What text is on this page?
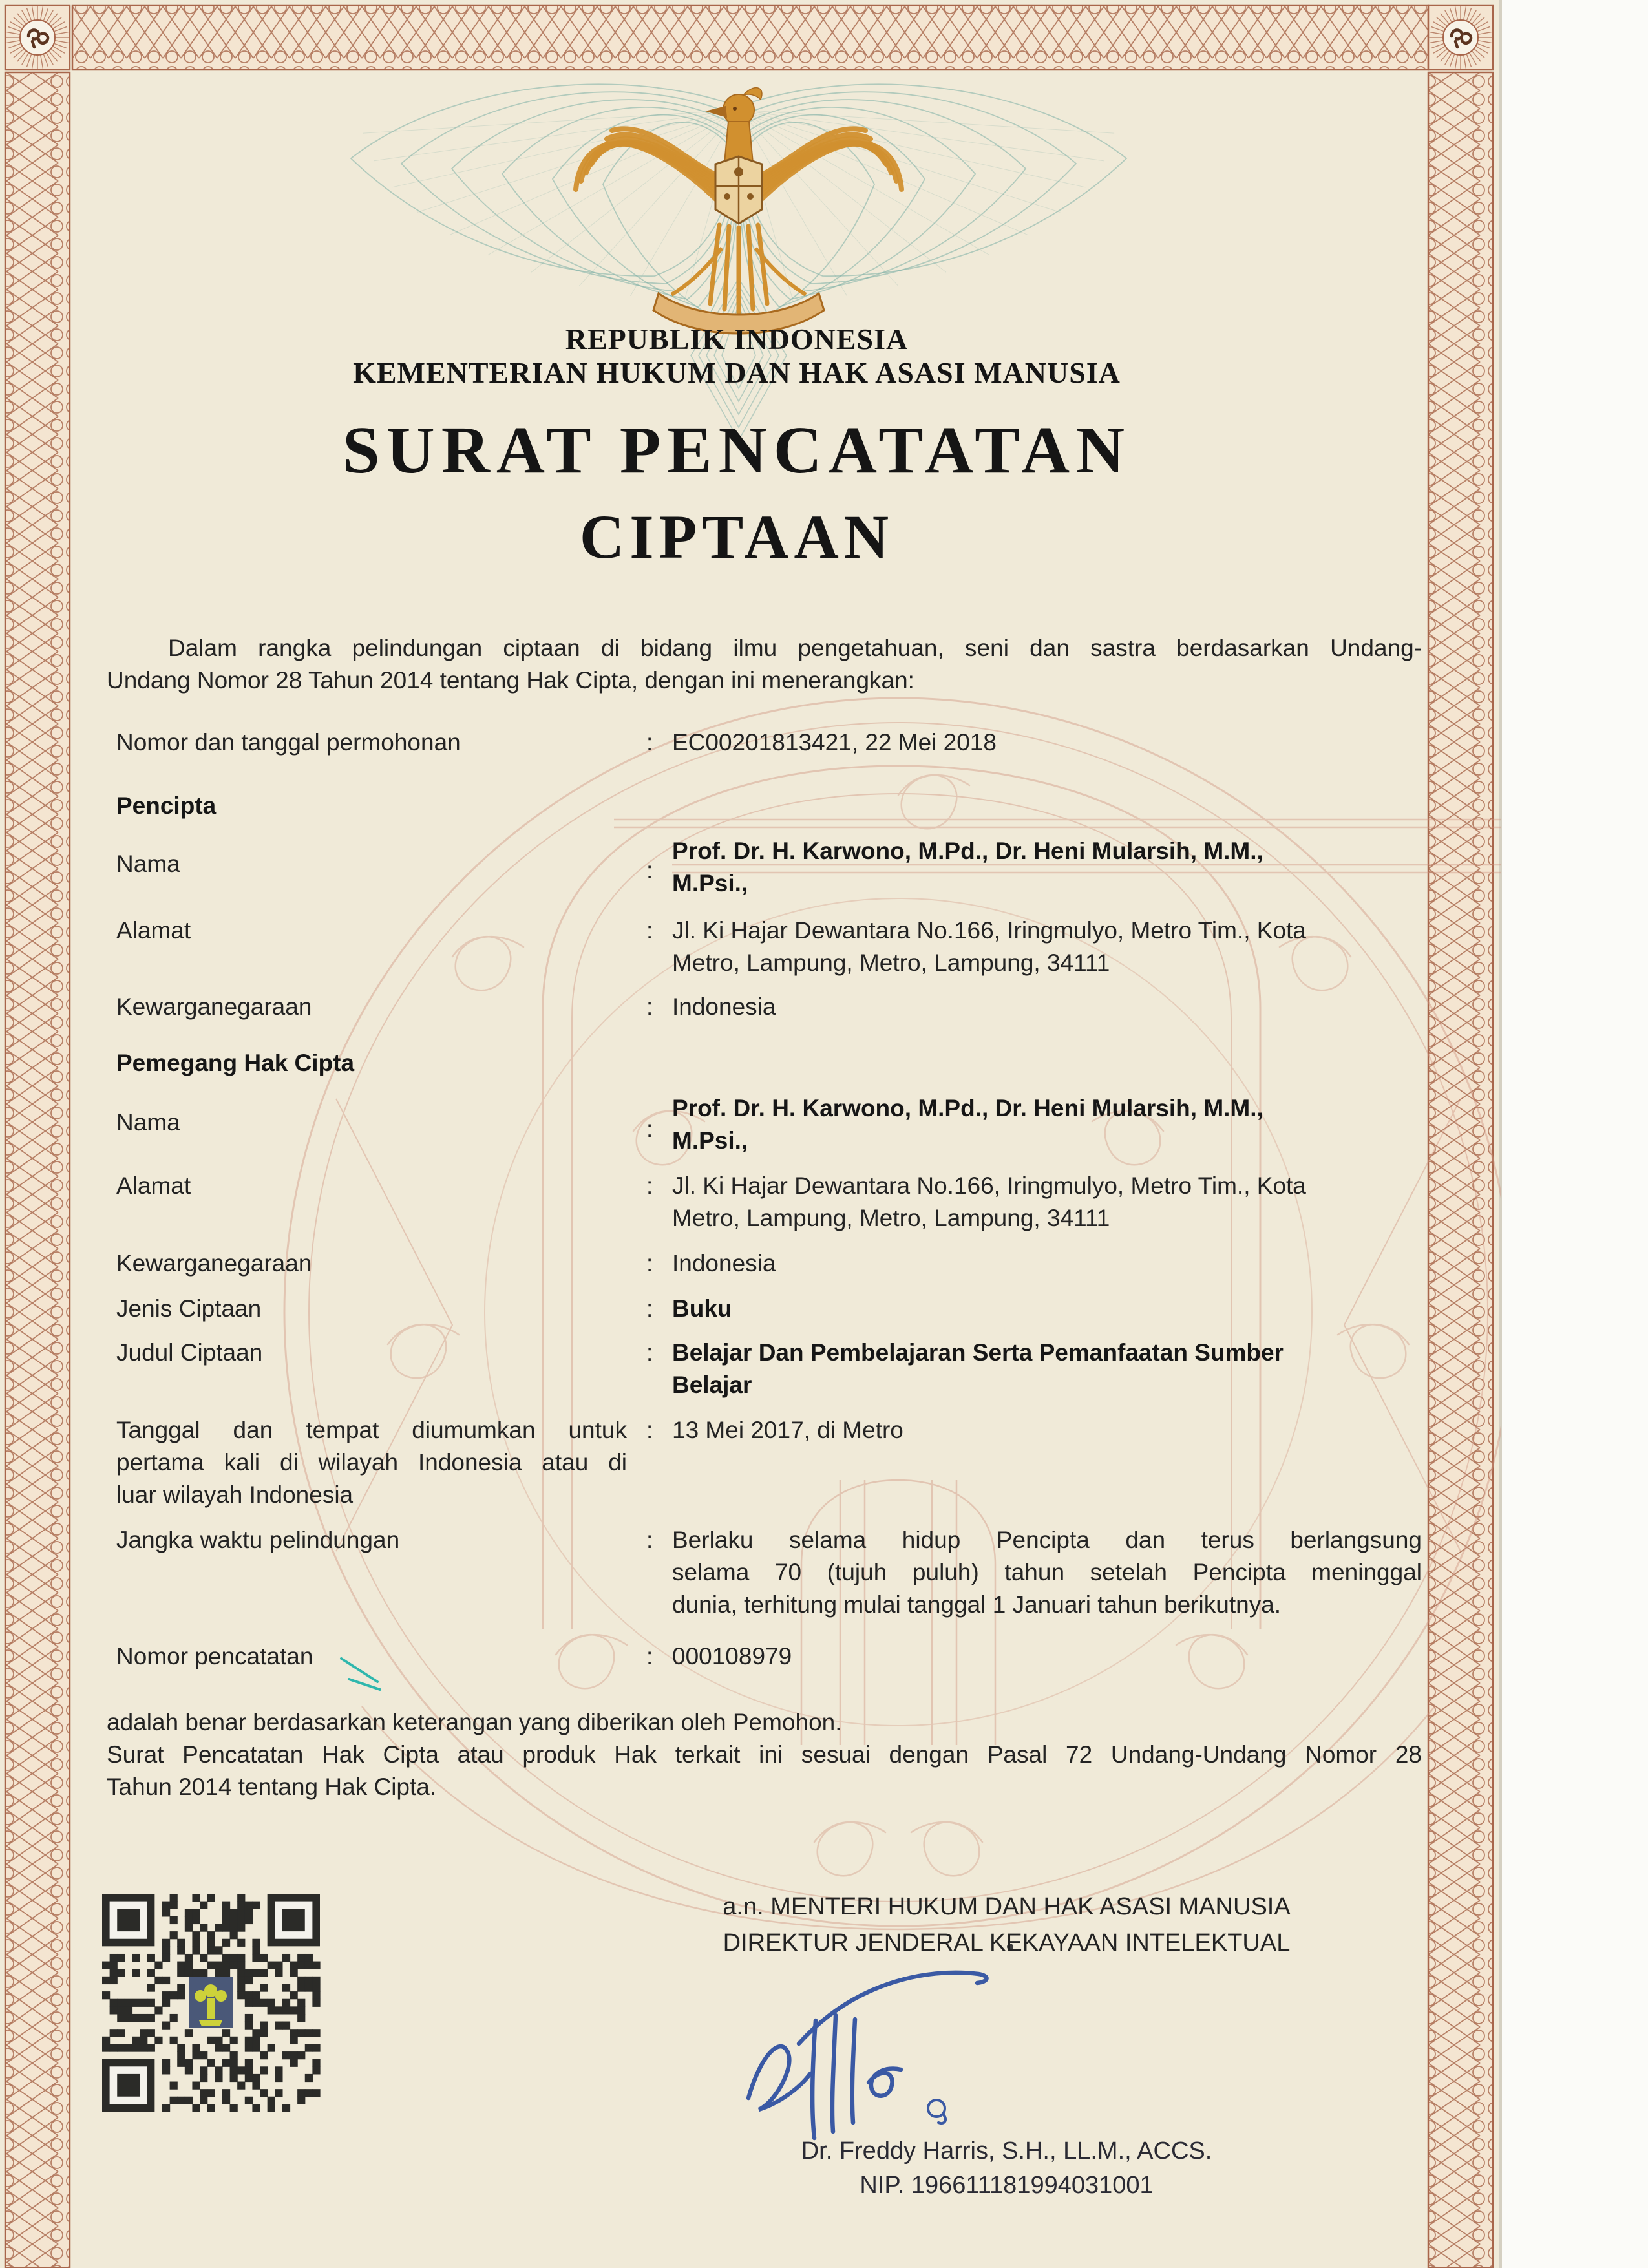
REPUBLIK INDONESIA
KEMENTERIAN HUKUM DAN HAK ASASI MANUSIA
SURAT PENCATATAN
CIPTAAN
Dalam rangka pelindungan ciptaan di bidang ilmu pengetahuan, seni dan sastra berdasarkan Undang-
Undang Nomor 28 Tahun 2014 tentang Hak Cipta, dengan ini menerangkan:
Nomor dan tanggal permohonan	: EC00201813421, 22 Mei 2018
Pencipta
Nama	:
Prof. Dr. H. Karwono, M.Pd., Dr. Heni Mularsih, M.M.,
M.Psi.,
Alamat	: Jl. Ki Hajar Dewantara No.166, Iringmulyo, Metro Tim., Kota
Metro, Lampung, Metro, Lampung, 34111
Kewarganegaraan	: Indonesia
Pemegang Hak Cipta
Nama	:
Prof. Dr. H. Karwono, M.Pd., Dr. Heni Mularsih, M.M.,
M.Psi.,
Alamat	: Jl. Ki Hajar Dewantara No.166, Iringmulyo, Metro Tim., Kota
Metro, Lampung, Metro, Lampung, 34111
Kewarganegaraan	: Indonesia
Jenis Ciptaan	: Buku
Judul Ciptaan	: Belajar Dan Pembelajaran Serta Pemanfaatan Sumber
Belajar
Tanggal dan tempat diumumkan untuk
pertama kali di wilayah Indonesia atau di
luar wilayah Indonesia
: 13 Mei 2017, di Metro
Jangka waktu pelindungan	: Berlaku selama hidup Pencipta dan terus berlangsung
selama 70 (tujuh puluh) tahun setelah Pencipta meninggal
dunia, terhitung mulai tanggal 1 Januari tahun berikutnya.
Nomor pencatatan	: 000108979
adalah benar berdasarkan keterangan yang diberikan oleh Pemohon.
Surat Pencatatan Hak Cipta atau produk Hak terkait ini sesuai dengan Pasal 72 Undang-Undang Nomor 28
Tahun 2014 tentang Hak Cipta.
a.n. MENTERI HUKUM DAN HAK ASASI MANUSIA
DIREKTUR JENDERAL KEKAYAAN INTELEKTUAL
Dr. Freddy Harris, S.H., LL.M., ACCS.
NIP. 196611181994031001
